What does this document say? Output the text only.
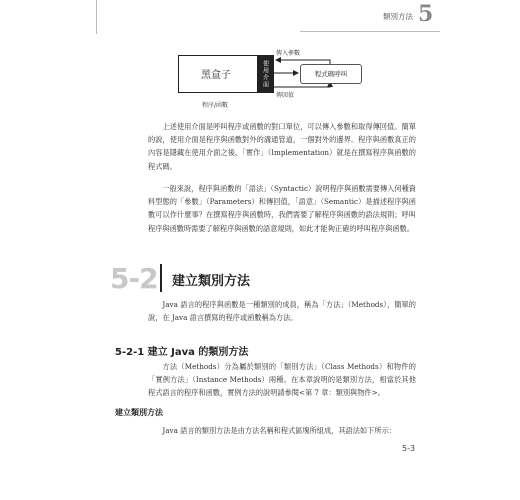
類別方法 5
黑盒子	使用介面	程式碼呼叫
傳入參數
傳回值
程序/函數

上述使用介面是呼叫程序或函數的對口單位，可以傳入參數和取得傳回值。簡單的說，使用介面是程序與函數對外的溝通管道，一個對外的邊界。程序與函數真正的內容是隱藏在使用介面之後，「實作」（Implementation）就是在撰寫程序與函數的程式碼。

一般來說，程序與函數的「語法」（Syntactic）說明程序與函數需要傳入何種資料型態的「參數」（Parameters）和傳回值，「語意」（Semantic）是描述程序與函數可以作什麼事？在撰寫程序與函數時，我們需要了解程序與函數的語法規則；呼叫程序與函數時需要了解程序與函數的語意規則，如此才能夠正確的呼叫程序與函數。

5-2 建立類別方法

Java 語言的程序與函數是一種類別的成員，稱為「方法」（Methods），簡單的說，在 Java 語言撰寫的程序或函數稱為方法。

5-2-1 建立 Java 的類別方法

方法（Methods）分為屬於類別的「類別方法」（Class Methods）和物件的「實例方法」（Instance Methods）兩種。在本章說明的是類別方法，相當於其他程式語言的程序和函數，實例方法的說明請參閱<第 7 章：類別與物件>。

建立類別方法

Java 語言的類別方法是由方法名稱和程式區塊所組成，其語法如下所示：

5-3
